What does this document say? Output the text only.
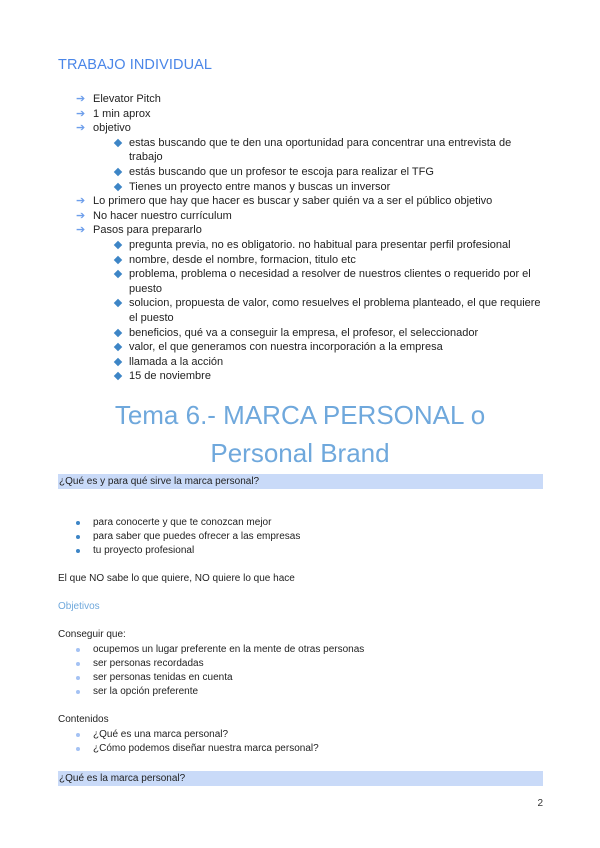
TRABAJO INDIVIDUAL
➔ Elevator Pitch
➔ 1 min aprox
➔ objetivo
estas buscando que te den una oportunidad para concentrar una entrevista de trabajo
estás buscando que un profesor te escoja para realizar el TFG
Tienes un proyecto entre manos y buscas un inversor
➔ Lo primero que hay que hacer es buscar y saber quién va a ser el público objetivo
➔ No hacer nuestro currículum
➔ Pasos para prepararlo
pregunta previa, no es obligatorio. no habitual para presentar perfil profesional
nombre, desde el nombre, formacion, titulo etc
problema, problema o necesidad a resolver de nuestros clientes o requerido por el puesto
solucion, propuesta de valor, como resuelves el problema planteado, el que requiere el puesto
beneficios, qué va a conseguir la empresa, el profesor, el seleccionador
valor, el que generamos con nuestra incorporación a la empresa
llamada a la acción
15 de noviembre
Tema 6.- MARCA PERSONAL o
Personal Brand
¿Qué es y para qué sirve la marca personal?
para conocerte y que te conozcan mejor
para saber que puedes ofrecer a las empresas
tu proyecto profesional
El que NO sabe lo que quiere, NO quiere lo que hace
Objetivos
Conseguir que:
ocupemos un lugar preferente en la mente de otras personas
ser personas recordadas
ser personas tenidas en cuenta
ser la opción preferente
Contenidos
¿Qué es una marca personal?
¿Cómo podemos diseñar nuestra marca personal?
¿Qué es la marca personal?
2
